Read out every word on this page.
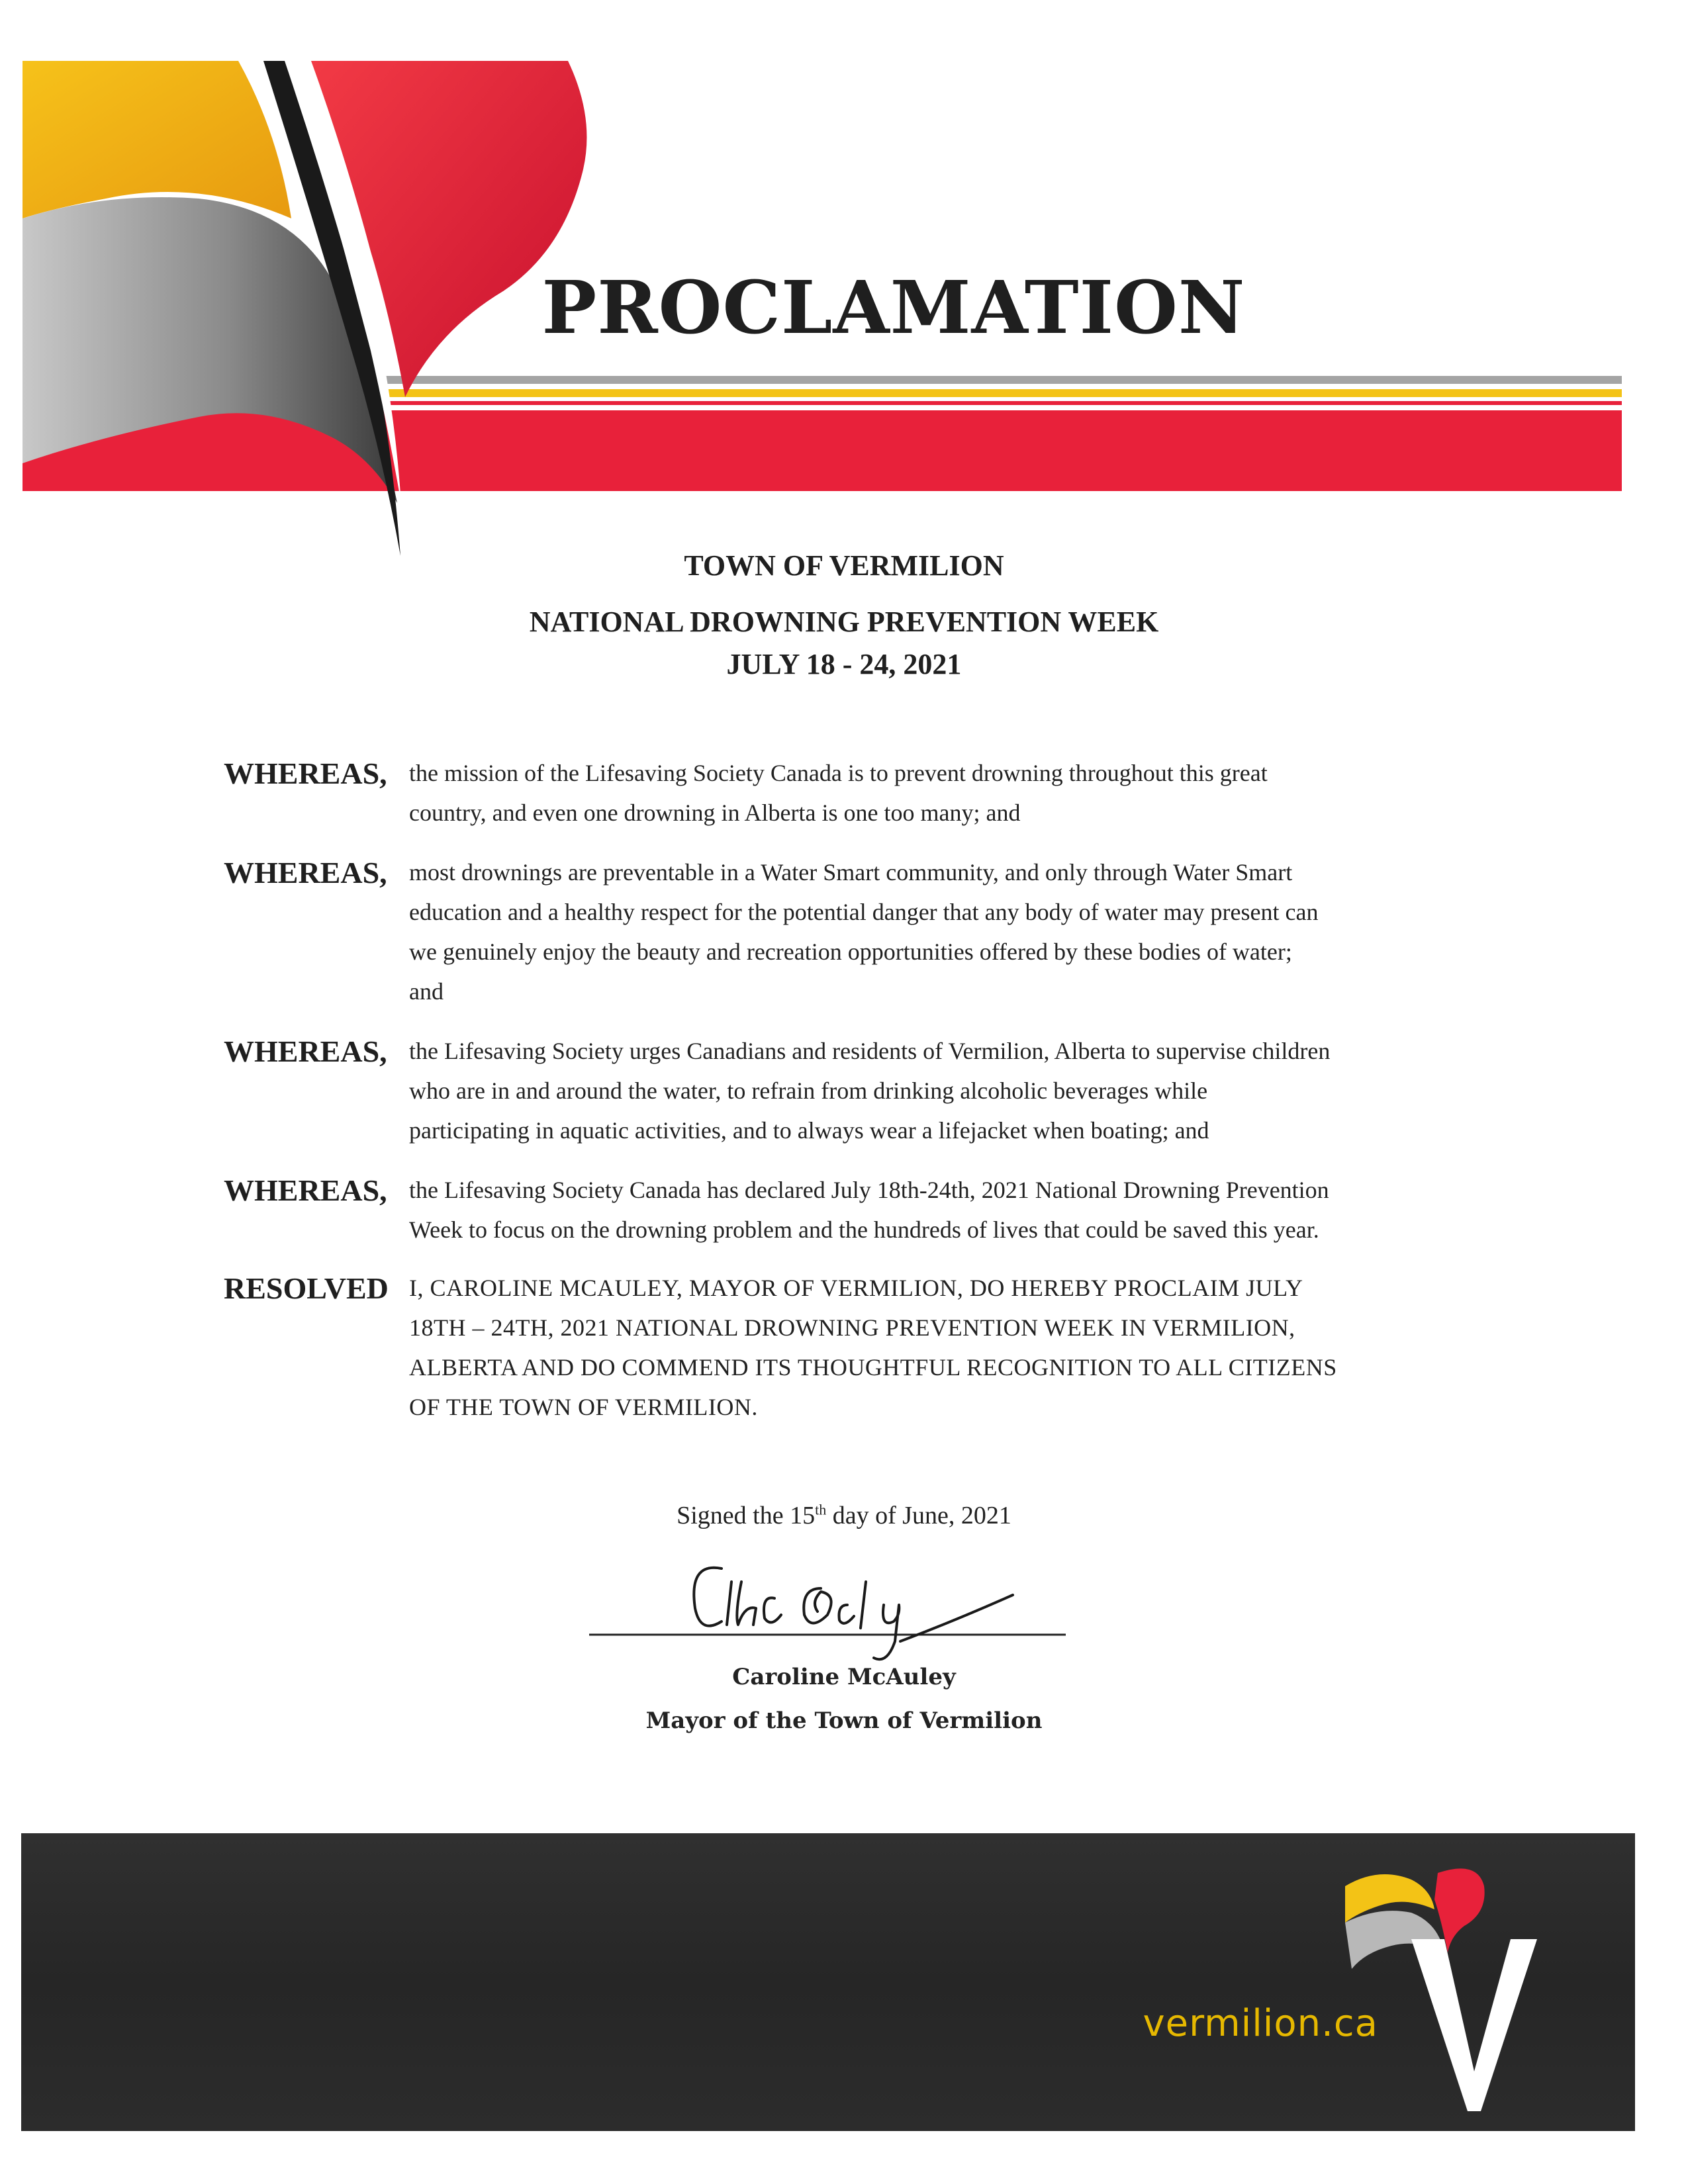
PROCLAMATION

TOWN OF VERMILION

NATIONAL DROWNING PREVENTION WEEK

JULY 18 - 24, 2021

WHEREAS, the mission of the Lifesaving Society Canada is to prevent drowning throughout this great
country, and even one drowning in Alberta is one too many; and
WHEREAS, most drownings are preventable in a Water Smart community, and only through Water Smart
education and a healthy respect for the potential danger that any body of water may present can
we genuinely enjoy the beauty and recreation opportunities offered by these bodies of water;
and
WHEREAS, the Lifesaving Society urges Canadians and residents of Vermilion, Alberta to supervise children
who are in and around the water, to refrain from drinking alcoholic beverages while
participating in aquatic activities, and to always wear a lifejacket when boating; and
WHEREAS, the Lifesaving Society Canada has declared July 18th-24th, 2021 National Drowning Prevention
Week to focus on the drowning problem and the hundreds of lives that could be saved this year.
RESOLVED I, CAROLINE MCAULEY, MAYOR OF VERMILION, DO HEREBY PROCLAIM JULY
18TH – 24TH, 2021 NATIONAL DROWNING PREVENTION WEEK IN VERMILION,
ALBERTA AND DO COMMEND ITS THOUGHTFUL RECOGNITION TO ALL CITIZENS
OF THE TOWN OF VERMILION.
Signed the 15th day of June, 2021
Caroline McAuley
Mayor of the Town of Vermilion
vermilion.ca
